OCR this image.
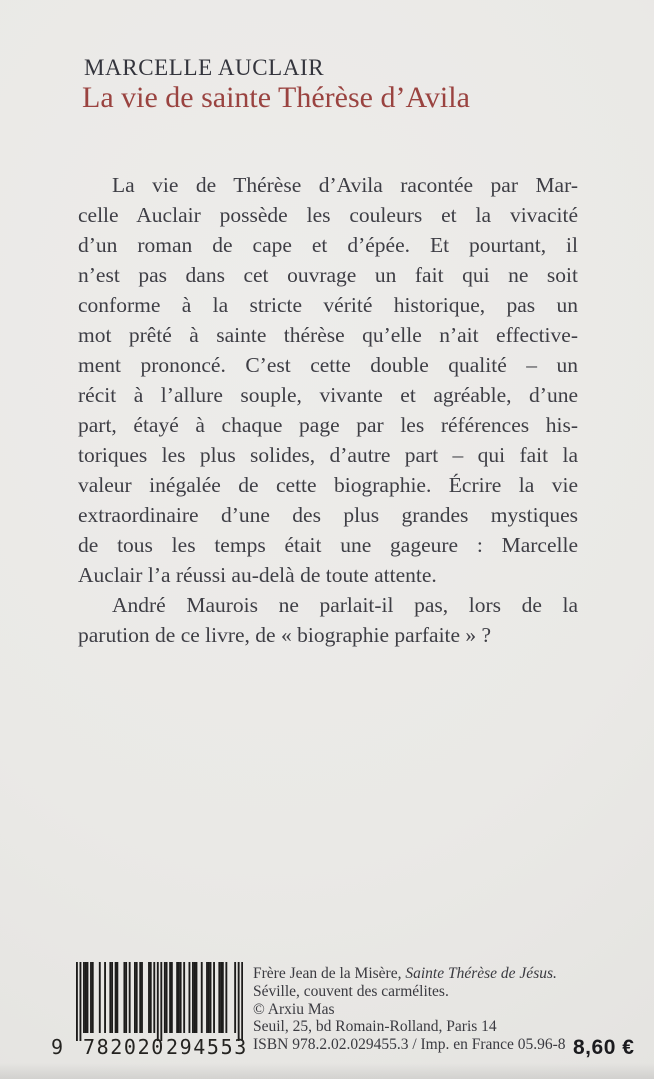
MARCELLE AUCLAIR
La vie de sainte Thérèse d’Avila
La vie de Thérèse d’Avila racontée par Mar-
celle Auclair possède les couleurs et la vivacité
d’un roman de cape et d’épée. Et pourtant, il
n’est pas dans cet ouvrage un fait qui ne soit
conforme à la stricte vérité historique, pas un
mot prêté à sainte thérèse qu’elle n’ait effective-
ment prononcé. C’est cette double qualité – un
récit à l’allure souple, vivante et agréable, d’une
part, étayé à chaque page par les références his-
toriques les plus solides, d’autre part – qui fait la
valeur inégalée de cette biographie. Écrire la vie
extraordinaire d’une des plus grandes mystiques
de tous les temps était une gageure : Marcelle
Auclair l’a réussi au-delà de toute attente.
André Maurois ne parlait-il pas, lors de la
parution de ce livre, de « biographie parfaite » ?
9 782020 294553
Frère Jean de la Misère, Sainte Thérèse de Jésus.
Séville, couvent des carmélites.
© Arxiu Mas
Seuil, 25, bd Romain-Rolland, Paris 14
ISBN 978.2.02.029455.3 / Imp. en France 05.96-8 8,60 €
